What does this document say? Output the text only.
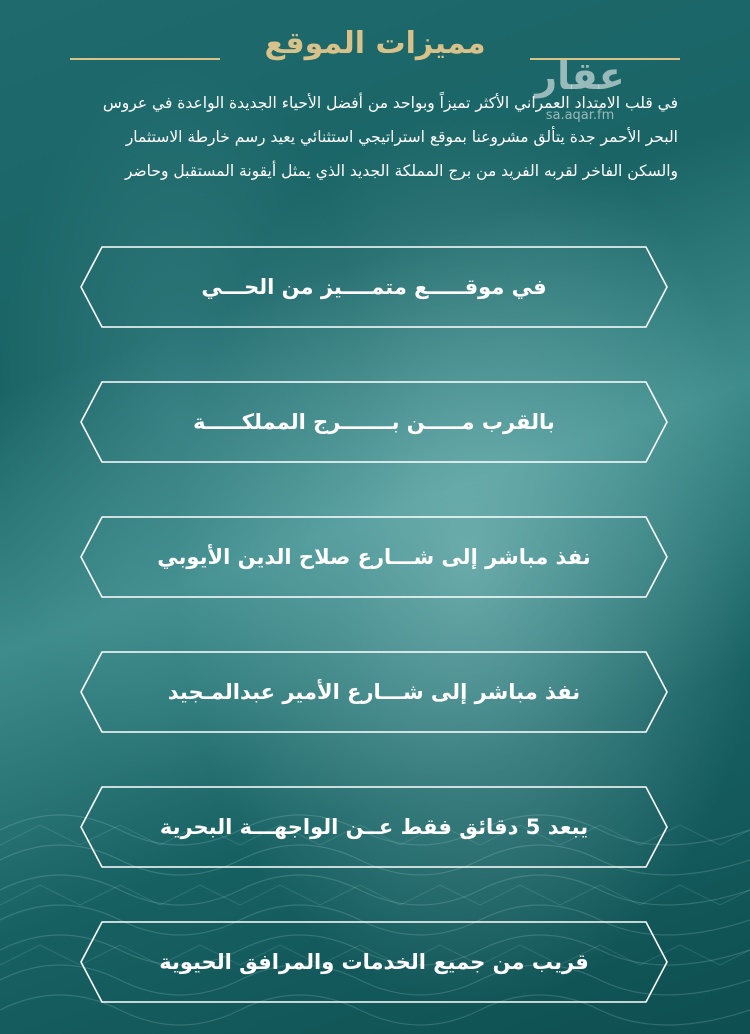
مميزات الموقع
عقار
sa.aqar.fm

في قلب الامتداد العمراني الأكثر تميزاً وبواحد من أفضل الأحياء الجديدة الواعدة في عروس البحر الأحمر جدة يتألق مشروعنا بموقع استراتيجي استثنائي يعيد رسم خارطة الاستثمار والسكن الفاخر لقربه الفريد من برج المملكة الجديد الذي يمثل أيقونة المستقبل وحاضر

في موقـــــع متمــــيز من الحـــي
بالقرب مـــــن بـــــــرج المملكـــــة
نفذ مباشر إلى شـــارع صلاح الدين الأيوبي
نفذ مباشر إلى شـــارع الأمير عبدالمـجيد
يبعد 5 دقائق فقط عــن الواجهـــة البحرية
قريب من جميع الخدمات والمرافق الحيوية
